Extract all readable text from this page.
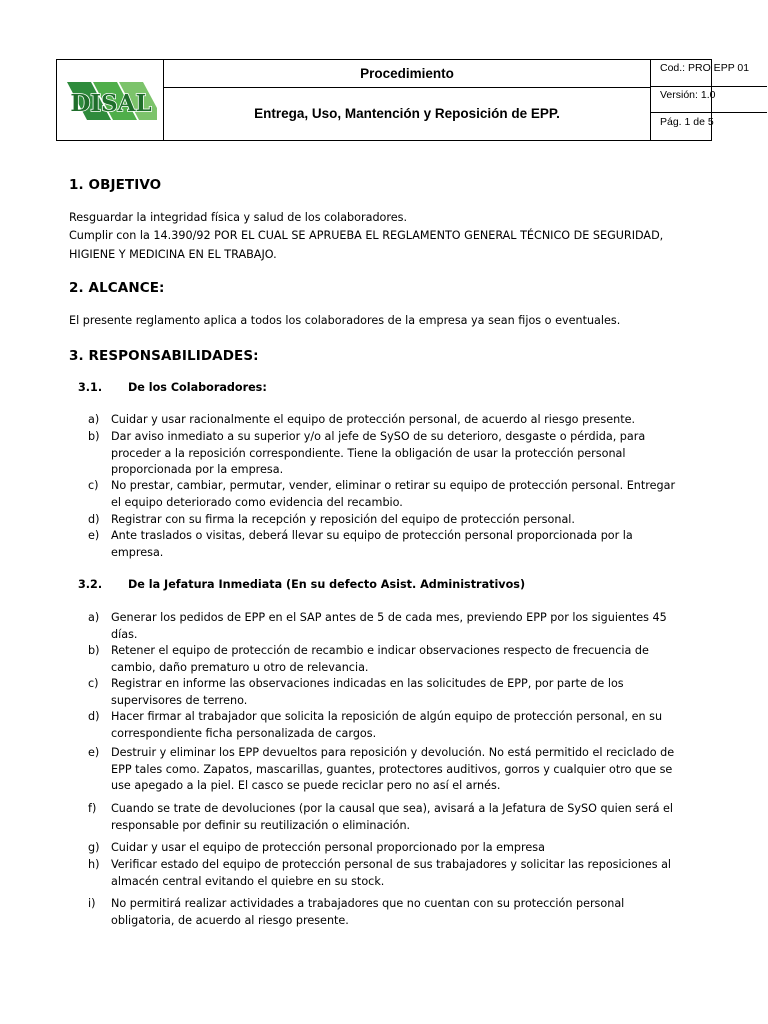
DISAL
Procedimiento
Entrega, Uso, Mantención y Reposición de EPP.
Cod.: PRO EPP 01
Versión: 1.0
Pág. 1 de 5
1. OBJETIVO
Resguardar la integridad física y salud de los colaboradores.
Cumplir con la 14.390/92 POR EL CUAL SE APRUEBA EL REGLAMENTO GENERAL TÉCNICO DE SEGURIDAD,
HIGIENE Y MEDICINA EN EL TRABAJO.
2. ALCANCE:
El presente reglamento aplica a todos los colaboradores de la empresa ya sean fijos o eventuales.
3. RESPONSABILIDADES:
3.1. De los Colaboradores:
a)	Cuidar y usar racionalmente el equipo de protección personal, de acuerdo al riesgo presente.
b)	Dar aviso inmediato a su superior y/o al jefe de SySO de su deterioro, desgaste o pérdida, para
proceder a la reposición correspondiente. Tiene la obligación de usar la protección personal
proporcionada por la empresa.
c)	No prestar, cambiar, permutar, vender, eliminar o retirar su equipo de protección personal. Entregar
el equipo deteriorado como evidencia del recambio.
d)	Registrar con su firma la recepción y reposición del equipo de protección personal.
e)	Ante traslados o visitas, deberá llevar su equipo de protección personal proporcionada por la
empresa.
3.2. De la Jefatura Inmediata (En su defecto Asist. Administrativos)
a)	Generar los pedidos de EPP en el SAP antes de 5 de cada mes, previendo EPP por los siguientes 45
días.
b)	Retener el equipo de protección de recambio e indicar observaciones respecto de frecuencia de
cambio, daño prematuro u otro de relevancia.
c)	Registrar en informe las observaciones indicadas en las solicitudes de EPP, por parte de los
supervisores de terreno.
d)	Hacer firmar al trabajador que solicita la reposición de algún equipo de protección personal, en su
correspondiente ficha personalizada de cargos.
e)	Destruir y eliminar los EPP devueltos para reposición y devolución. No está permitido el reciclado de
EPP tales como. Zapatos, mascarillas, guantes, protectores auditivos, gorros y cualquier otro que se
use apegado a la piel. El casco se puede reciclar pero no así el arnés.
f)	Cuando se trate de devoluciones (por la causal que sea), avisará a la Jefatura de SySO quien será el
responsable por definir su reutilización o eliminación.
g)	Cuidar y usar el equipo de protección personal proporcionado por la empresa
h)	Verificar estado del equipo de protección personal de sus trabajadores y solicitar las reposiciones al
almacén central evitando el quiebre en su stock.
i)	No permitirá realizar actividades a trabajadores que no cuentan con su protección personal
obligatoria, de acuerdo al riesgo presente.
